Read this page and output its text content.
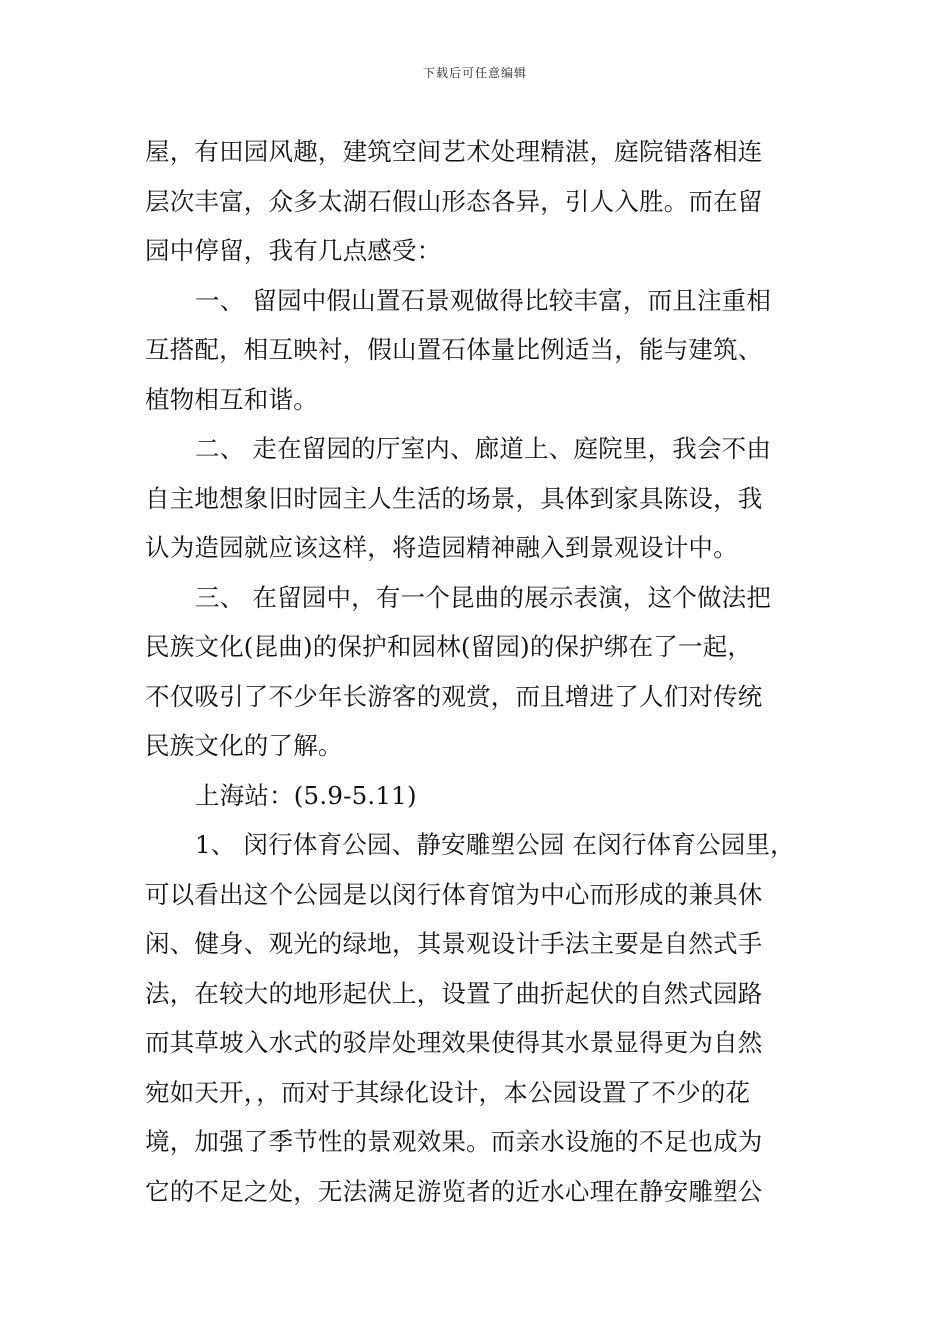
下载后可任意编辑
屋，有田园风趣，建筑空间艺术处理精湛，庭院错落相连
层次丰富，众多太湖石假山形态各异，引人入胜。而在留
园中停留，我有几点感受：
一、 留园中假山置石景观做得比较丰富，而且注重相
互搭配，相互映衬，假山置石体量比例适当，能与建筑、
植物相互和谐。
二、 走在留园的厅室内、廊道上、庭院里，我会不由
自主地想象旧时园主人生活的场景，具体到家具陈设，我
认为造园就应该这样，将造园精神融入到景观设计中。
三、 在留园中，有一个昆曲的展示表演，这个做法把
民族文化(昆曲)的保护和园林(留园)的保护绑在了一起，
不仅吸引了不少年长游客的观赏，而且增进了人们对传统
民族文化的了解。
上海站：(5.9-5.11)
1、 闵行体育公园、静安雕塑公园 在闵行体育公园里，
可以看出这个公园是以闵行体育馆为中心而形成的兼具休
闲、健身、观光的绿地，其景观设计手法主要是自然式手
法，在较大的地形起伏上，设置了曲折起伏的自然式园路
而其草坡入水式的驳岸处理效果使得其水景显得更为自然
宛如天开，，而对于其绿化设计，本公园设置了不少的花
境，加强了季节性的景观效果。而亲水设施的不足也成为
它的不足之处，无法满足游览者的近水心理在静安雕塑公
